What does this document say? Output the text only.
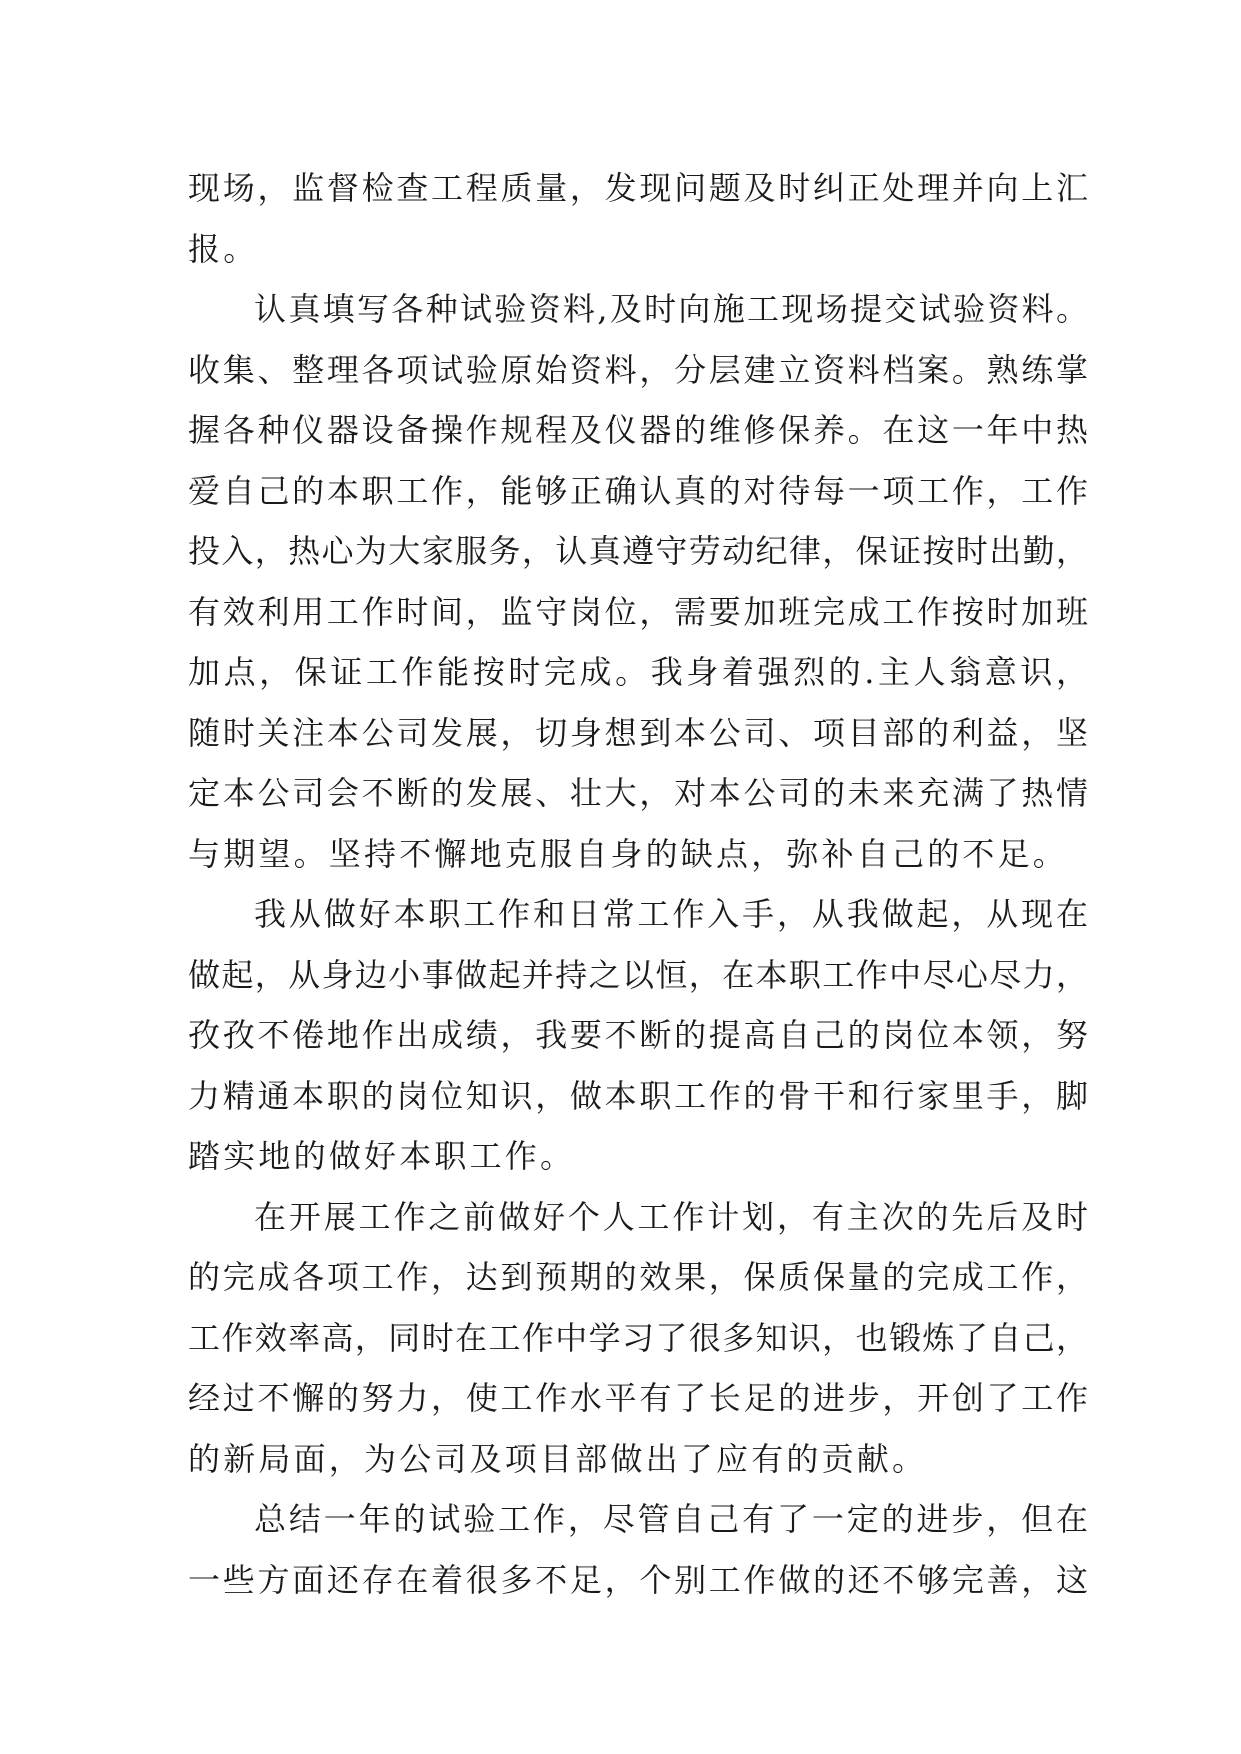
现场，监督检查工程质量，发现问题及时纠正处理并向上汇
报。
认真填写各种试验资料,及时向施工现场提交试验资料。
收集、整理各项试验原始资料，分层建立资料档案。熟练掌
握各种仪器设备操作规程及仪器的维修保养。在这一年中热
爱自己的本职工作，能够正确认真的对待每一项工作，工作
投入，热心为大家服务，认真遵守劳动纪律，保证按时出勤，
有效利用工作时间，监守岗位，需要加班完成工作按时加班
加点，保证工作能按时完成。我身着强烈的.主人翁意识，
随时关注本公司发展，切身想到本公司、项目部的利益，坚
定本公司会不断的发展、壮大，对本公司的未来充满了热情
与期望。坚持不懈地克服自身的缺点，弥补自己的不足。
我从做好本职工作和日常工作入手，从我做起，从现在
做起，从身边小事做起并持之以恒，在本职工作中尽心尽力，
孜孜不倦地作出成绩，我要不断的提高自己的岗位本领，努
力精通本职的岗位知识，做本职工作的骨干和行家里手，脚
踏实地的做好本职工作。
在开展工作之前做好个人工作计划，有主次的先后及时
的完成各项工作，达到预期的效果，保质保量的完成工作，
工作效率高，同时在工作中学习了很多知识，也锻炼了自己，
经过不懈的努力，使工作水平有了长足的进步，开创了工作
的新局面，为公司及项目部做出了应有的贡献。
总结一年的试验工作，尽管自己有了一定的进步，但在
一些方面还存在着很多不足，个别工作做的还不够完善，这
